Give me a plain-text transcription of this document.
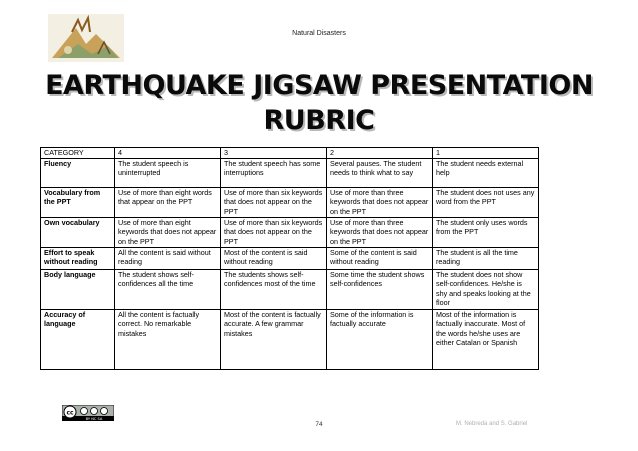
Natural Disasters
EARTHQUAKE JIGSAW PRESENTATION
RUBRIC
CATEGORY	4	3	2	1
Fluency	The student speech is uninterrupted	The student speech has some interruptions	Several pauses. The student needs to think what to say	The student needs external help
Vocabulary from the PPT	Use of more than eight words that appear on the PPT	Use of more than six keywords that does not appear on the PPT	Use of more than three keywords that does not appear on the PPT	The student does not uses any word from the PPT
Own vocabulary	Use of more than eight keywords that does not appear on the PPT	Use of more than six keywords that does not appear on the PPT	Use of more than three keywords that does not appear on the PPT	The student only uses words from the PPT
Effort to speak without reading	All the content is said without reading	Most of the content is said without reading	Some of the content is said without reading	The student is all the time reading
Body language	The student shows self-confidences all the time	The students shows self-confidences most of the time	Some time the student shows self-confidences	The student does not show self-confidences. He/she is shy and speaks looking at the floor
Accuracy of language	All the content is factually correct. No remarkable mistakes	Most of the content is factually accurate. A few grammar mistakes	Some of the information is factually accurate	Most of the information is factually inaccurate. Most of the words he/she uses are either Catalan or Spanish
cc
BY NC SA
74	M. Nebreda and S. Gabriel
